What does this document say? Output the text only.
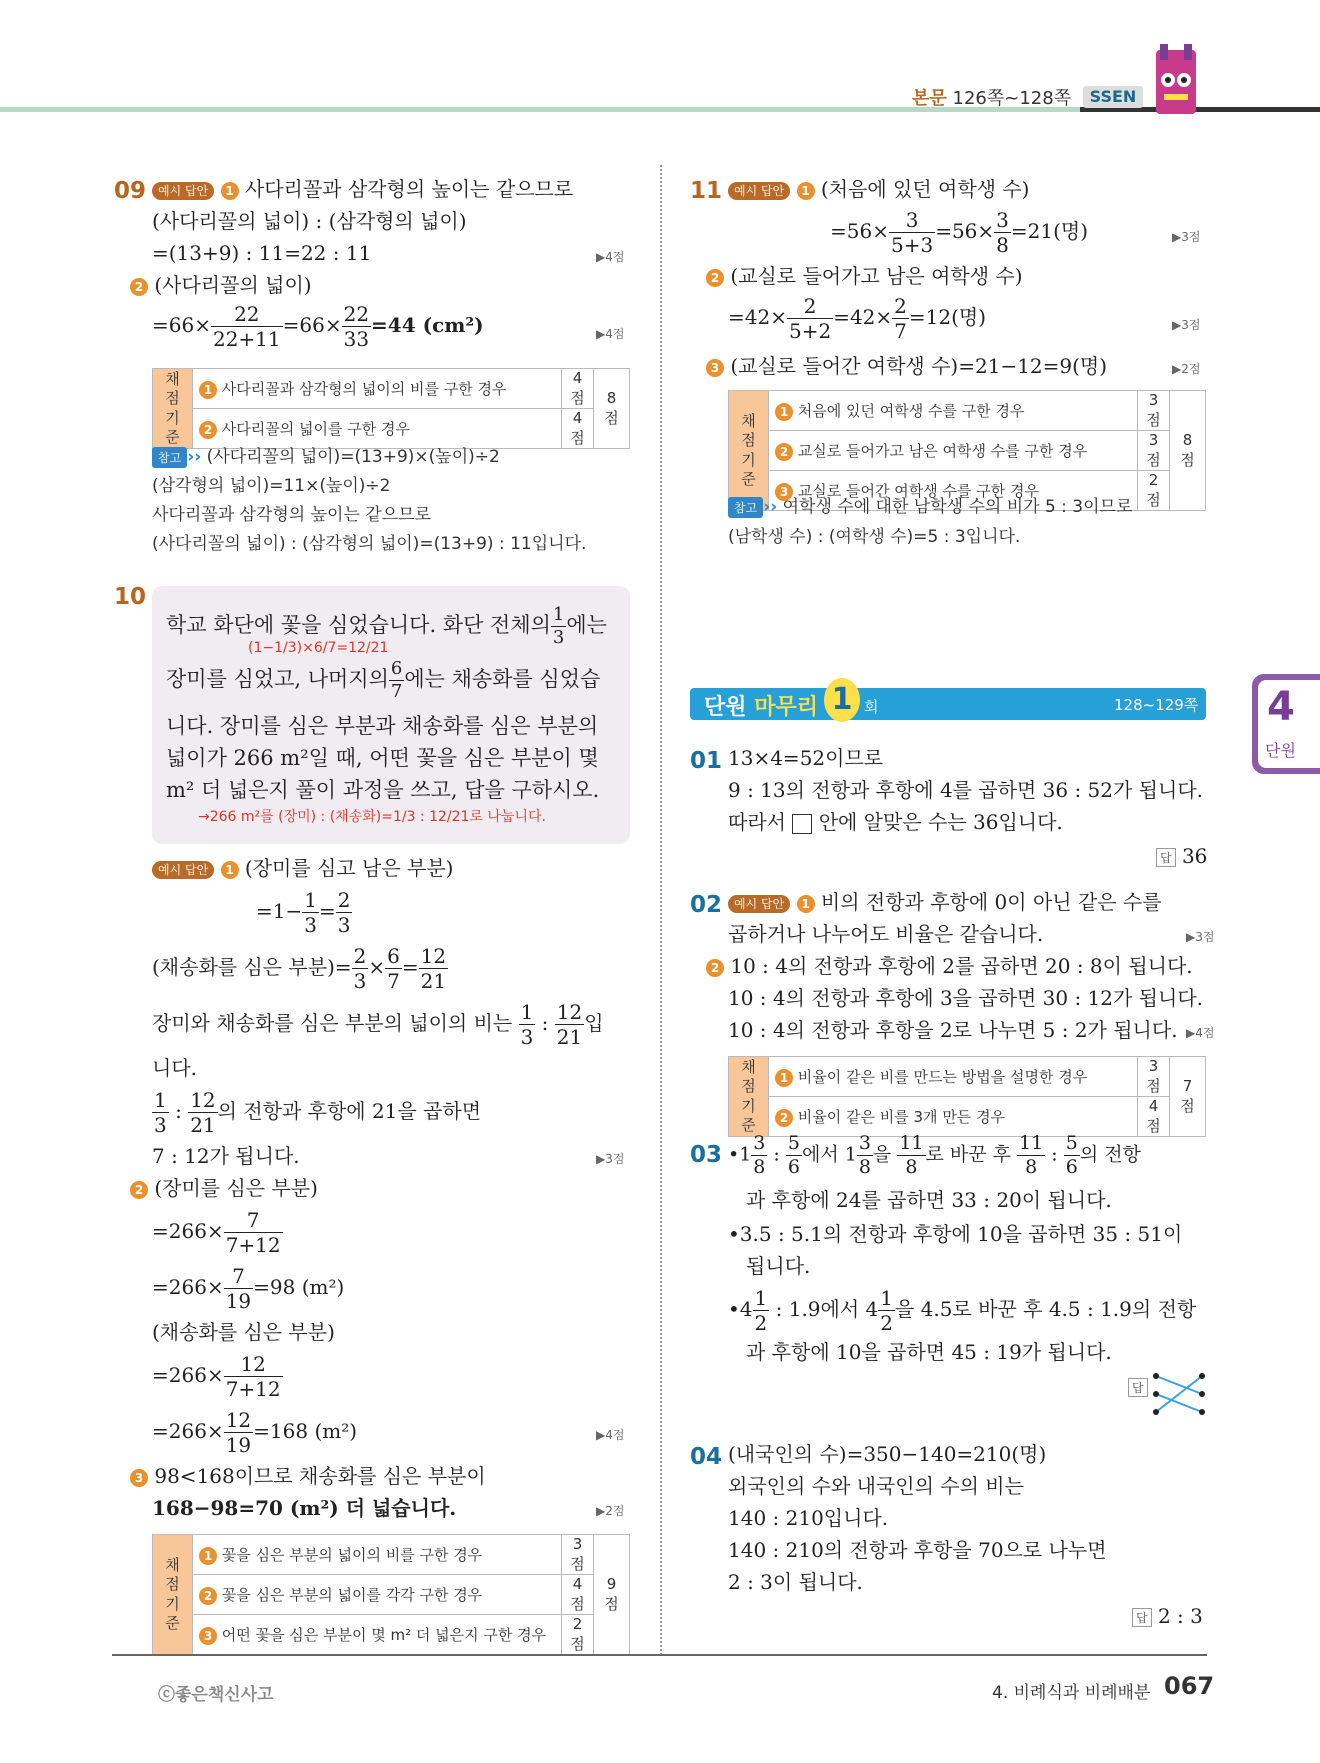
본문 126쪽~128쪽	SSEN
09 예시 답안 1 사다리꼴과 삼각형의 높이는 같으므로
(사다리꼴의 넓이) : (삼각형의 넓이)
=(13+9) : 11=22 : 11	▶4점
2 (사다리꼴의 넓이)
$=66\times \frac{22}{22+11} =66\times \frac{22}{33} =44$ (cm²)	▶4점
채점 기준	1 사다리꼴과 삼각형의 넓이의 비를 구한 경우	4점	8점
	2 사다리꼴의 넓이를 구한 경우	4점	
참고 ›› (사다리꼴의 넓이)=(13+9)×(높이)÷2
(삼각형의 넓이)=11×(높이)÷2
사다리꼴과 삼각형의 높이는 같으므로
(사다리꼴의 넓이) : (삼각형의 넓이)=(13+9) : 11입니다.
10
학교 화단에 꽃을 심었습니다. 화단 전체의 $\frac{1}{3}$ 에는
(1−1/3)×6/7=12/21
장미를 심었고, 나머지의 $\frac{6}{7}$ 에는 채송화를 심었습
니다. 장미를 심은 부분과 채송화를 심은 부분의
넓이가 266 m²일 때, 어떤 꽃을 심은 부분이 몇
m² 더 넓은지 풀이 과정을 쓰고, 답을 구하시오.
→266 m²를 (장미) : (채송화)=1/3 : 12/21로 나눕니다.
예시 답안 1 (장미를 심고 남은 부분)
$=1- \frac{1}{3} = \frac{2}{3}$
(채송화를 심은 부분)= $\frac{2}{3} \times \frac{6}{7} = \frac{12}{21}$
장미와 채송화를 심은 부분의 넓이의 비는 $\frac{1}{3}$ : $\frac{12}{21}$ 입
니다.
$\frac{1}{3}$ : $\frac{12}{21}$ 의 전항과 후항에 21을 곱하면
7 : 12가 됩니다.	▶3점
2 (장미를 심은 부분)
$=266\times \frac{7}{7+12}$
$=266\times \frac{7}{19} =98$ (m²)
(채송화를 심은 부분)
$=266\times \frac{12}{7+12}$
$=266\times \frac{12}{19} =168$ (m²)	▶4점
3 98<168이므로 채송화를 심은 부분이
168−98=70 (m²) 더 넓습니다.	▶2점
채점 기준	1 꽃을 심은 부분의 넓이의 비를 구한 경우	3점	9점
	2 꽃을 심은 부분의 넓이를 각각 구한 경우	4점	
	3 어떤 꽃을 심은 부분이 몇 m² 더 넓은지 구한 경우	2점	
11 예시 답안 1 (처음에 있던 여학생 수)
$=56\times \frac{3}{5+3} =56\times \frac{3}{8} =21$(명)	▶3점
2 (교실로 들어가고 남은 여학생 수)
$=42\times \frac{2}{5+2} =42\times \frac{2}{7} =12$(명)	▶3점
3 (교실로 들어간 여학생 수)=21−12=9(명)	▶2점
채점 기준	1 처음에 있던 여학생 수를 구한 경우	3점	8점
	2 교실로 들어가고 남은 여학생 수를 구한 경우	3점	
	3 교실로 들어간 여학생 수를 구한 경우	2점	
참고 ›› 여학생 수에 대한 남학생 수의 비가 5 : 3이므로
(남학생 수) : (여학생 수)=5 : 3입니다.
단원 마무리 1 회	128~129쪽
01 13×4=52이므로
9 : 13의 전항과 후항에 4를 곱하면 36 : 52가 됩니다.
따라서 안에 알맞은 수는 36입니다.
답 36
02 예시 답안 1 비의 전항과 후항에 0이 아닌 같은 수를
곱하거나 나누어도 비율은 같습니다.	▶3점
2 10 : 4의 전항과 후항에 2를 곱하면 20 : 8이 됩니다.
10 : 4의 전항과 후항에 3을 곱하면 30 : 12가 됩니다.
10 : 4의 전항과 후항을 2로 나누면 5 : 2가 됩니다. ▶4점
채점 기준	1 비율이 같은 비를 만드는 방법을 설명한 경우	3점	7점
	2 비율이 같은 비를 3개 만든 경우	4점	
03 •1 $\frac{3}{8}$ : $\frac{5}{6}$ 에서 $1 \frac{3}{8}$ 을 $\frac{11}{8}$ 로 바꾼 후 $\frac{11}{8}$ : $\frac{5}{6}$ 의 전항
과 후항에 24를 곱하면 33 : 20이 됩니다.
•3.5 : 5.1의 전항과 후항에 10을 곱하면 35 : 51이
됩니다.
•4 $\frac{1}{2}$ : 1.9에서 $4 \frac{1}{2}$ 을 4.5로 바꾼 후 4.5 : 1.9의 전항
과 후항에 10을 곱하면 45 : 19가 됩니다.
답
04 (내국인의 수)=350−140=210(명)
외국인의 수와 내국인의 수의 비는
140 : 210입니다.
140 : 210의 전항과 후항을 70으로 나누면
2 : 3이 됩니다.
답 2 : 3
4
단원
ⓒ좋은책신사고	4. 비례식과 비례배분 067
